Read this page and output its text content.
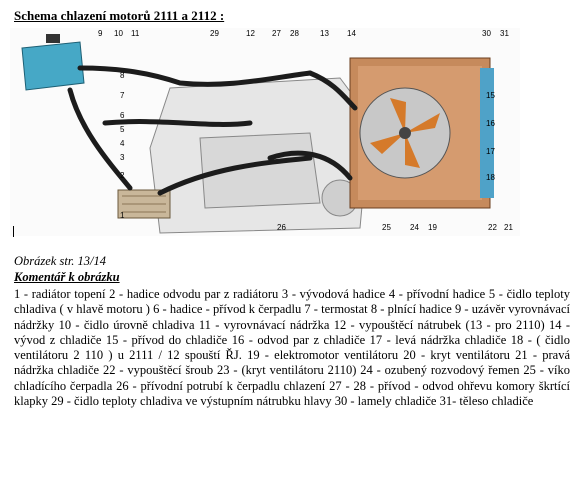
Schema chlazení motorů 2111 a 2112 :
9 10 11	29	12 27 28	13 14	30 31
8
7
6
5
4
3
2
1
26	25 24 19	22 21
15
16
17
18
Obrázek str. 13/14
Komentář k obrázku
1 - radiátor topení 2 - hadice odvodu par z radiátoru 3 - vývodová hadice 4 - přívodní hadice 5 - čidlo teploty chladiva ( v hlavě motoru ) 6 - hadice - přívod k čerpadlu 7 - termostat 8 - plnící hadice 9 - uzávěr vyrovnávací nádržky 10 - čidlo úrovně chladiva 11 - vyrovnávací nádržka 12 - vypouštěcí nátrubek (13 - pro 2110) 14 - vývod z chladiče 15 - přívod do chladiče 16 - odvod par z chladiče 17 - levá nádržka chladiče 18 - ( čidlo ventilátoru 2 110 ) u 2111 / 12 spouští ŘJ. 19 - elektromotor ventilátoru 20 - kryt ventilátoru 21 - pravá nádržka chladiče 22 - vypouštěcí šroub 23 - (kryt ventilátoru 2110) 24 - ozubený rozvodový řemen 25 - víko chladícího čerpadla 26 - přívodní potrubí k čerpadlu chlazení 27 - 28 - přívod - odvod ohřevu komory škrtící klapky 29 - čidlo teploty chladiva ve výstupním nátrubku hlavy 30 - lamely chladiče 31- těleso chladiče
